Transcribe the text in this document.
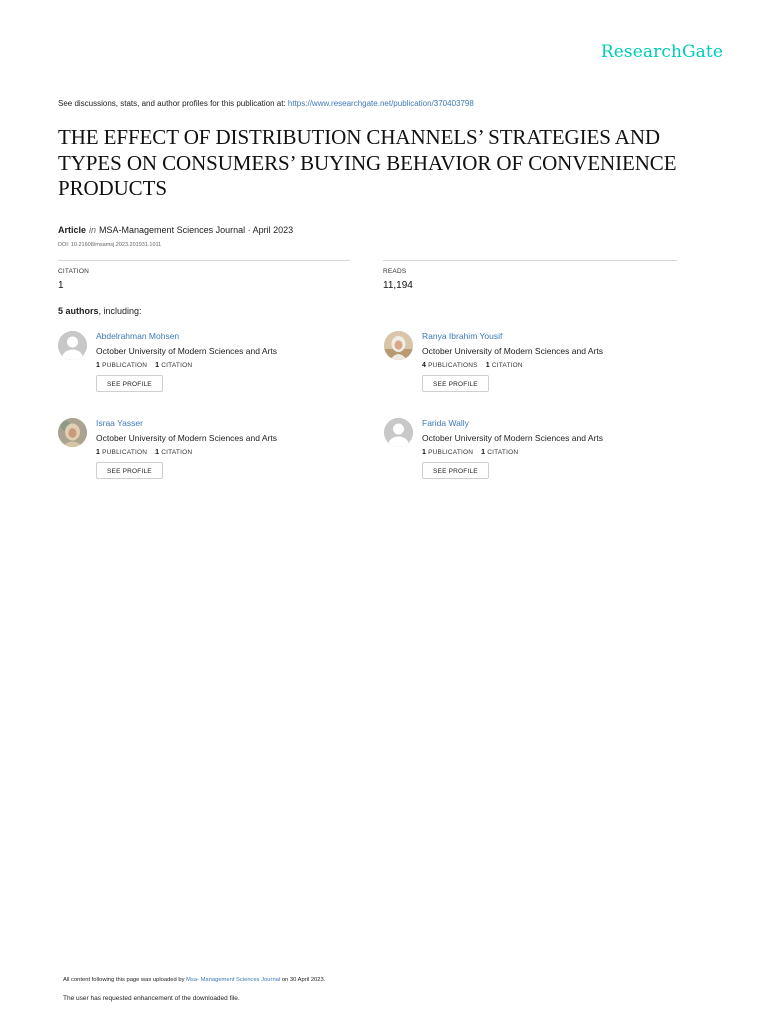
ResearchGate
See discussions, stats, and author profiles for this publication at: https://www.researchgate.net/publication/370403798
THE EFFECT OF DISTRIBUTION CHANNELS’ STRATEGIES AND TYPES ON CONSUMERS’ BUYING BEHAVIOR OF CONVENIENCE PRODUCTS
Article in MSA-Management Sciences Journal · April 2023
DOI: 10.21608/msamsj.2023.201931.1011
CITATION
1
READS
11,194
5 authors, including:
Abdelrahman Mohsen
October University of Modern Sciences and Arts
1 PUBLICATION 1 CITATION
SEE PROFILE
Ranya Ibrahim Yousif
October University of Modern Sciences and Arts
4 PUBLICATIONS 1 CITATION
SEE PROFILE
Israa Yasser
October University of Modern Sciences and Arts
1 PUBLICATION 1 CITATION
SEE PROFILE
Farida Wally
October University of Modern Sciences and Arts
1 PUBLICATION 1 CITATION
SEE PROFILE
All content following this page was uploaded by Msa- Management Sciences Journal on 30 April 2023.
The user has requested enhancement of the downloaded file.
